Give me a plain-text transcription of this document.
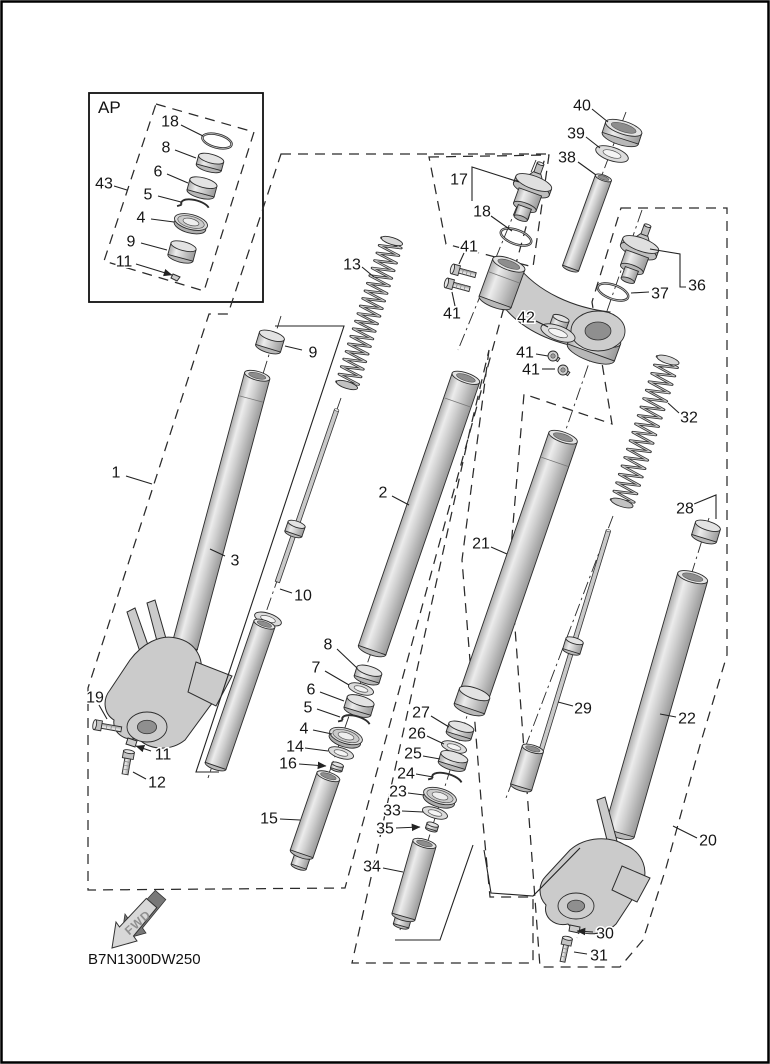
AP
18
8
6
5
4
9
43
11
40
39
38
17
18
41
41	42
41
41
37 36
13
1
9
3
10
19
11
12
15
8
7
6
5
4
14
16
2
27
26
25
24
23
33
35
34
21
29
32
28
22
20
30
31
FWD
B7N1300DW250
